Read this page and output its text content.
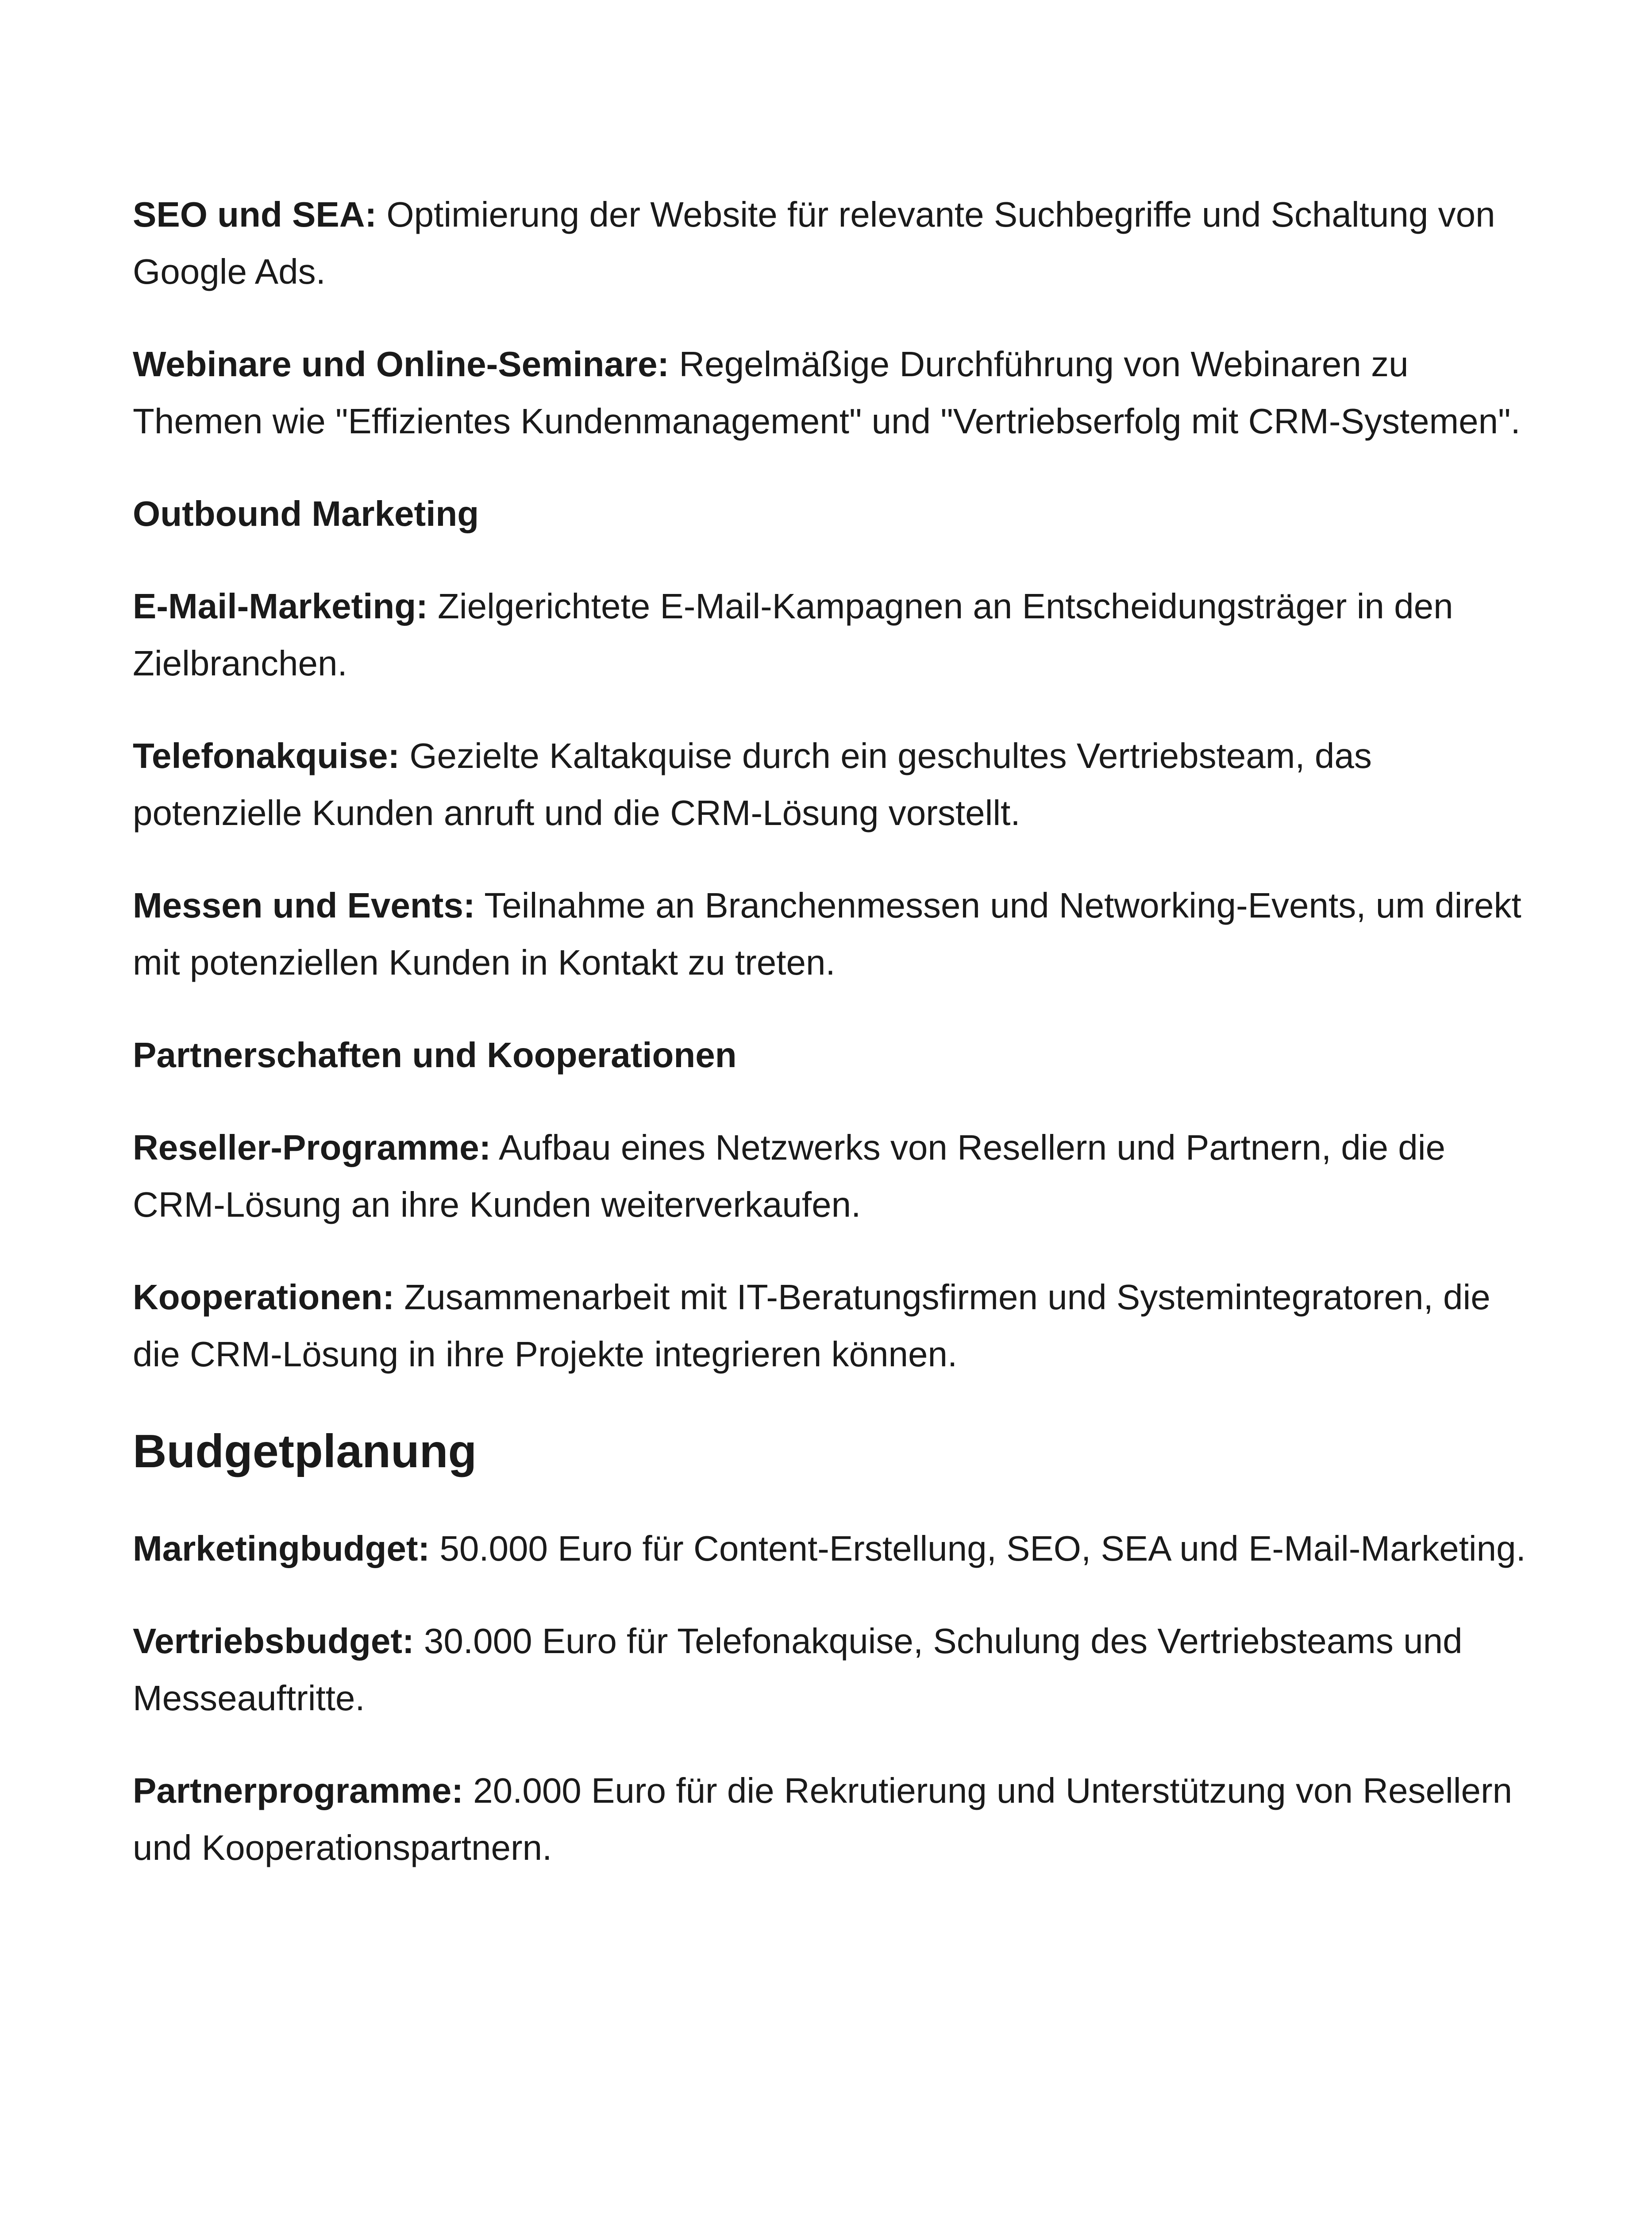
SEO und SEA: Optimierung der Website für relevante Suchbegriffe und Schaltung von Google Ads.

Webinare und Online-Seminare: Regelmäßige Durchführung von Webinaren zu Themen wie "Effizientes Kundenmanagement" und "Vertriebserfolg mit CRM-Systemen".

Outbound Marketing

E-Mail-Marketing: Zielgerichtete E-Mail-Kampagnen an Entscheidungsträger in den Zielbranchen.

Telefonakquise: Gezielte Kaltakquise durch ein geschultes Vertriebsteam, das potenzielle Kunden anruft und die CRM-Lösung vorstellt.

Messen und Events: Teilnahme an Branchenmessen und Networking-Events, um direkt mit potenziellen Kunden in Kontakt zu treten.

Partnerschaften und Kooperationen

Reseller-Programme: Aufbau eines Netzwerks von Resellern und Partnern, die die CRM-Lösung an ihre Kunden weiterverkaufen.

Kooperationen: Zusammenarbeit mit IT-Beratungsfirmen und Systemintegratoren, die die CRM-Lösung in ihre Projekte integrieren können.

Budgetplanung

Marketingbudget: 50.000 Euro für Content-Erstellung, SEO, SEA und E-Mail-Marketing.

Vertriebsbudget: 30.000 Euro für Telefonakquise, Schulung des Vertriebsteams und Messeauftritte.

Partnerprogramme: 20.000 Euro für die Rekrutierung und Unterstützung von Resellern und Kooperationspartnern.
